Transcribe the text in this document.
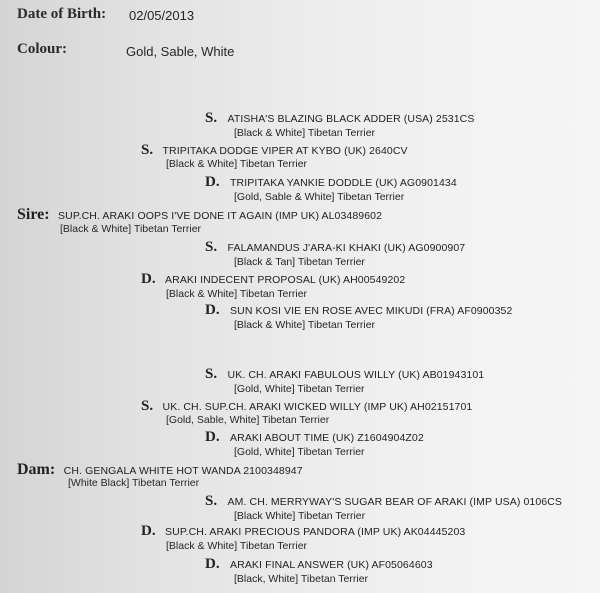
Date of Birth: 02/05/2013
Colour:	Gold, Sable, White
S. ATISHA'S BLAZING BLACK ADDER (USA) 2531CS
[Black & White] Tibetan Terrier
S. TRIPITAKA DODGE VIPER AT KYBO (UK) 2640CV
[Black & White] Tibetan Terrier
D. TRIPITAKA YANKIE DODDLE (UK) AG0901434
[Gold, Sable & White] Tibetan Terrier
Sire: SUP.CH. ARAKI OOPS I'VE DONE IT AGAIN (IMP UK) AL03489602
[Black & White] Tibetan Terrier
S. FALAMANDUS J'ARA-KI KHAKI (UK) AG0900907
[Black & Tan] Tibetan Terrier
D. ARAKI INDECENT PROPOSAL (UK) AH00549202
[Black & White] Tibetan Terrier
D. SUN KOSI VIE EN ROSE AVEC MIKUDI (FRA) AF0900352
[Black & White] Tibetan Terrier
S. UK. CH. ARAKI FABULOUS WILLY (UK) AB01943101
[Gold, White] Tibetan Terrier
S. UK. CH. SUP.CH. ARAKI WICKED WILLY (IMP UK) AH02151701
[Gold, Sable, White] Tibetan Terrier
D. ARAKI ABOUT TIME (UK) Z1604904Z02
[Gold, White] Tibetan Terrier
Dam: CH. GENGALA WHITE HOT WANDA 2100348947
[White Black] Tibetan Terrier
S. AM. CH. MERRYWAY'S SUGAR BEAR OF ARAKI (IMP USA) 0106CS
[Black White] Tibetan Terrier
D. SUP.CH. ARAKI PRECIOUS PANDORA (IMP UK) AK04445203
[Black & White] Tibetan Terrier
D. ARAKI FINAL ANSWER (UK) AF05064603
[Black, White] Tibetan Terrier
